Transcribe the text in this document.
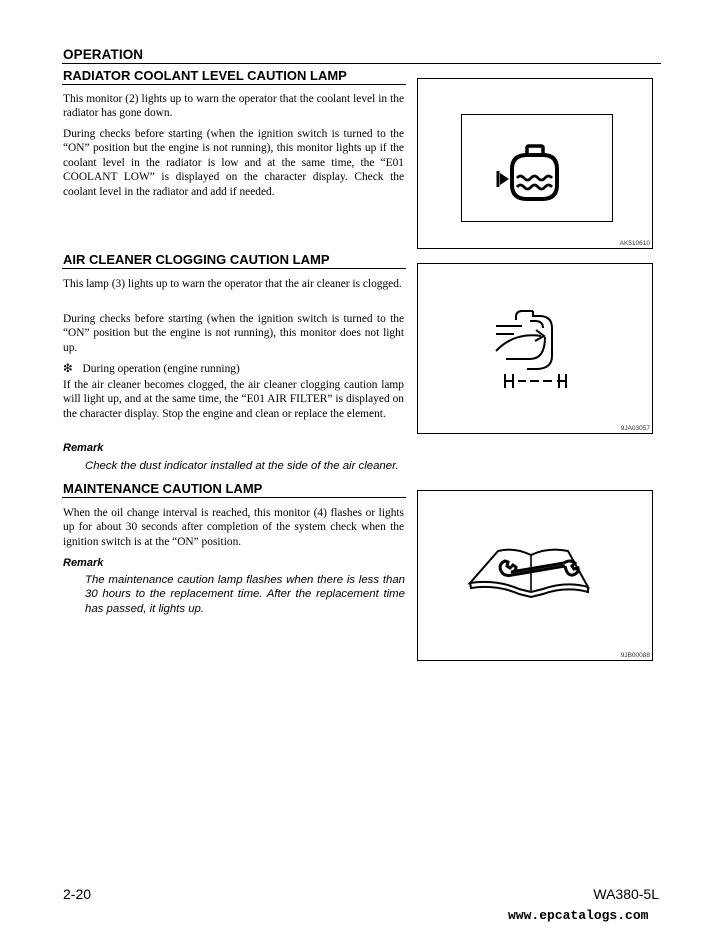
OPERATION
RADIATOR COOLANT LEVEL CAUTION LAMP

This monitor (2) lights up to warn the operator that the coolant level in the radiator has gone down.

During checks before starting (when the ignition switch is turned to the “ON” position but the engine is not running), this monitor lights up if the coolant level in the radiator is low and at the same time, the “E01 COOLANT LOW” is displayed on the character display. Check the coolant level in the radiator and add if needed.

AK510610
AIR CLEANER CLOGGING CAUTION LAMP

This lamp (3) lights up to warn the operator that the air cleaner is clogged.

During checks before starting (when the ignition switch is turned to the “ON” position but the engine is not running), this monitor does not light up.

❇ During operation (engine running)

If the air cleaner becomes clogged, the air cleaner clogging caution lamp will light up, and at the same time, the “E01 AIR FILTER” is displayed on the character display. Stop the engine and clean or replace the element.

Remark
Check the dust indicator installed at the side of the air cleaner.
9JA03057
MAINTENANCE CAUTION LAMP

When the oil change interval is reached, this monitor (4) flashes or lights up for about 30 seconds after completion of the system check when the ignition switch is at the “ON” position.

Remark
The maintenance caution lamp flashes when there is less than 30 hours to the replacement time. After the replacement time has passed, it lights up.
9JB00088
2-20	WA380-5L
www.epcatalogs.com
